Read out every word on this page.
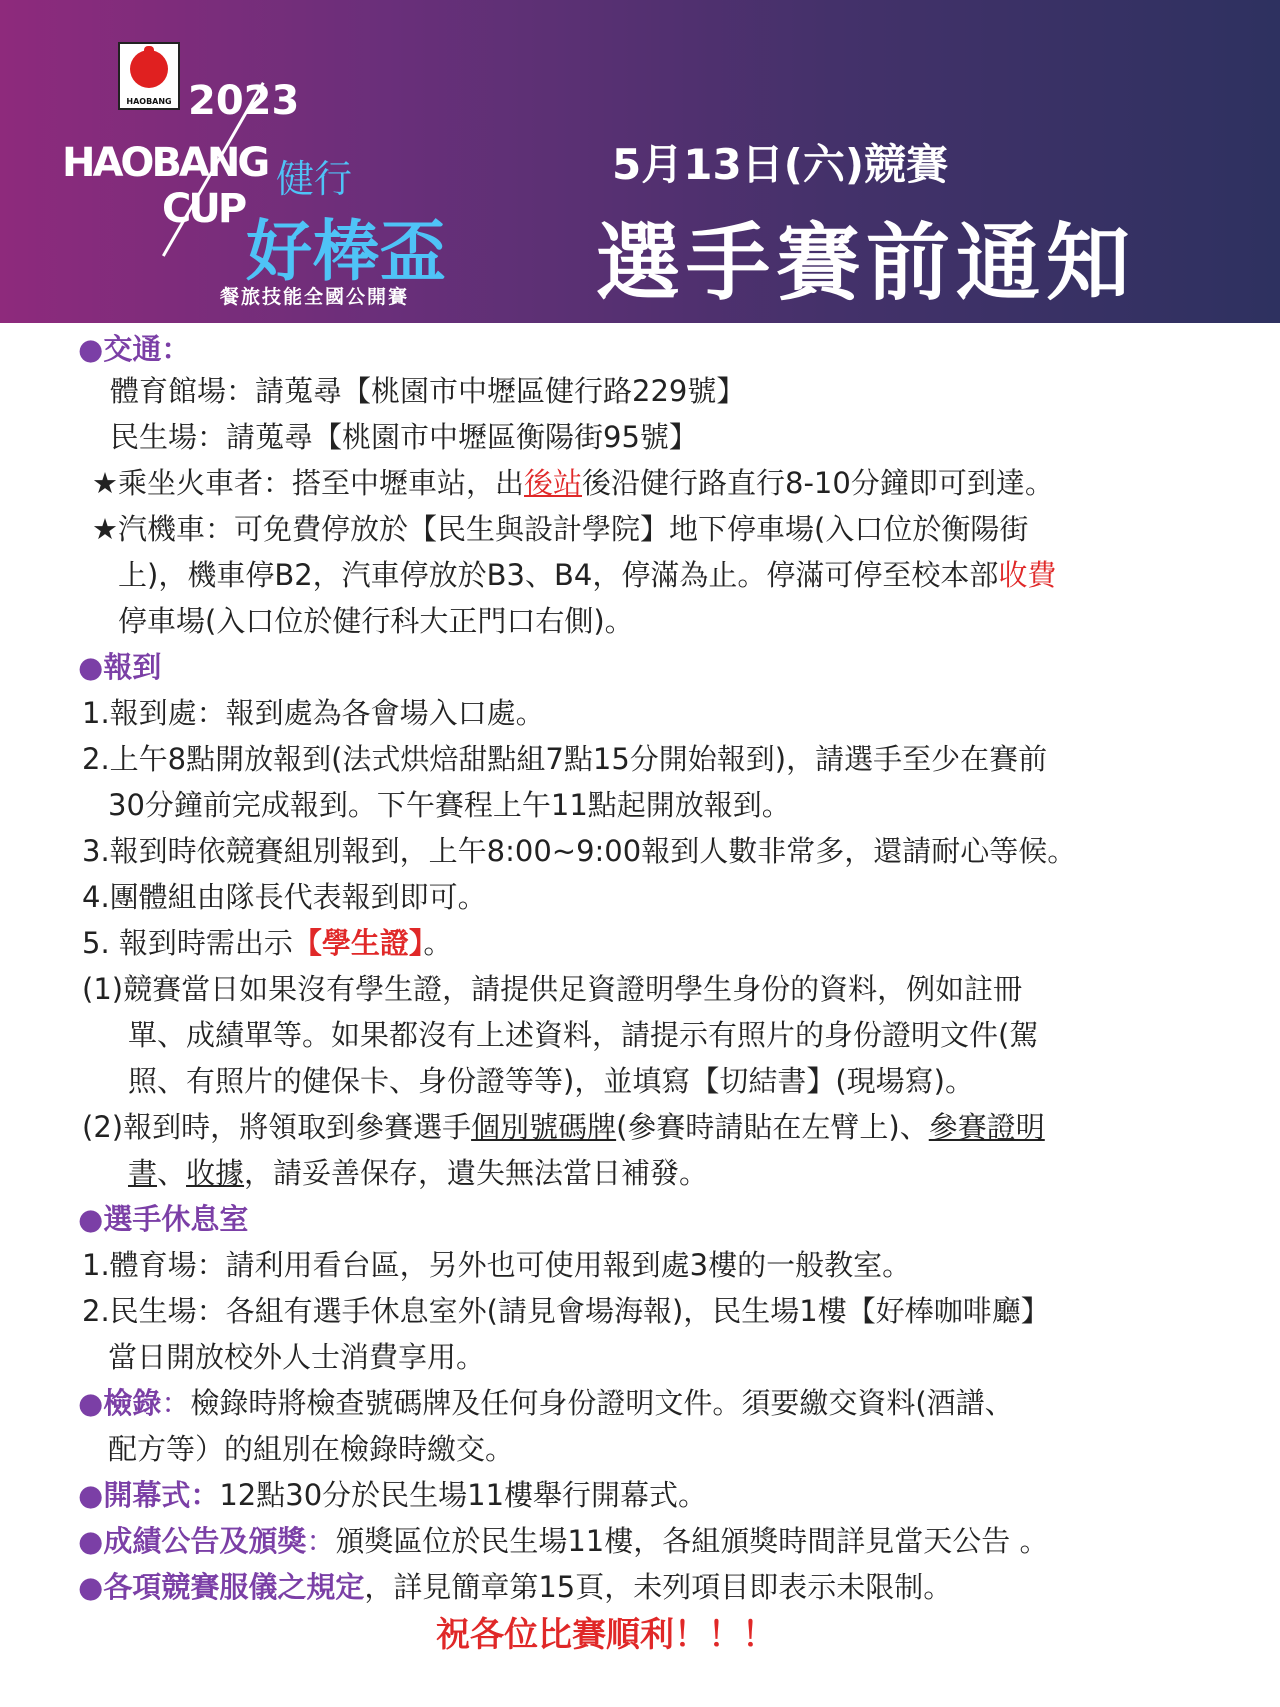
HAOBANG 2023
HAOBANG
CUP
健行
好棒盃
餐旅技能全國公開賽
5月13日(六)競賽
選手賽前通知
●交通：
體育館場：請蒐尋【桃園市中壢區健行路229號】
民生場：請蒐尋【桃園市中壢區衡陽街95號】
★乘坐火車者：搭至中壢車站，出後站後沿健行路直行8-10分鐘即可到達。
★汽機車：可免費停放於【民生與設計學院】地下停車場(入口位於衡陽街
上)，機車停B2，汽車停放於B3、B4，停滿為止。停滿可停至校本部收費
停車場(入口位於健行科大正門口右側)。
●報到
1.報到處：報到處為各會場入口處。
2.上午8點開放報到(法式烘焙甜點組7點15分開始報到)，請選手至少在賽前
30分鐘前完成報到。下午賽程上午11點起開放報到。
3.報到時依競賽組別報到，上午8:00~9:00報到人數非常多，還請耐心等候。
4.團體組由隊長代表報到即可。
5. 報到時需出示【學生證】。
(1)競賽當日如果沒有學生證，請提供足資證明學生身份的資料，例如註冊
單、成績單等。如果都沒有上述資料，請提示有照片的身份證明文件(駕
照、有照片的健保卡、身份證等等)，並填寫【切結書】(現場寫)。
(2)報到時，將領取到參賽選手個別號碼牌(參賽時請貼在左臂上)、參賽證明
書、收據，請妥善保存，遺失無法當日補發。
●選手休息室
1.體育場：請利用看台區，另外也可使用報到處3樓的一般教室。
2.民生場：各組有選手休息室外(請見會場海報)，民生場1樓【好棒咖啡廳】
當日開放校外人士消費享用。
●檢錄：檢錄時將檢查號碼牌及任何身份證明文件。須要繳交資料(酒譜、
配方等）的組別在檢錄時繳交。
●開幕式：12點30分於民生場11樓舉行開幕式。
●成績公告及頒獎：頒獎區位於民生場11樓，各組頒獎時間詳見當天公告 。
●各項競賽服儀之規定，詳見簡章第15頁，未列項目即表示未限制。
祝各位比賽順利！！！
